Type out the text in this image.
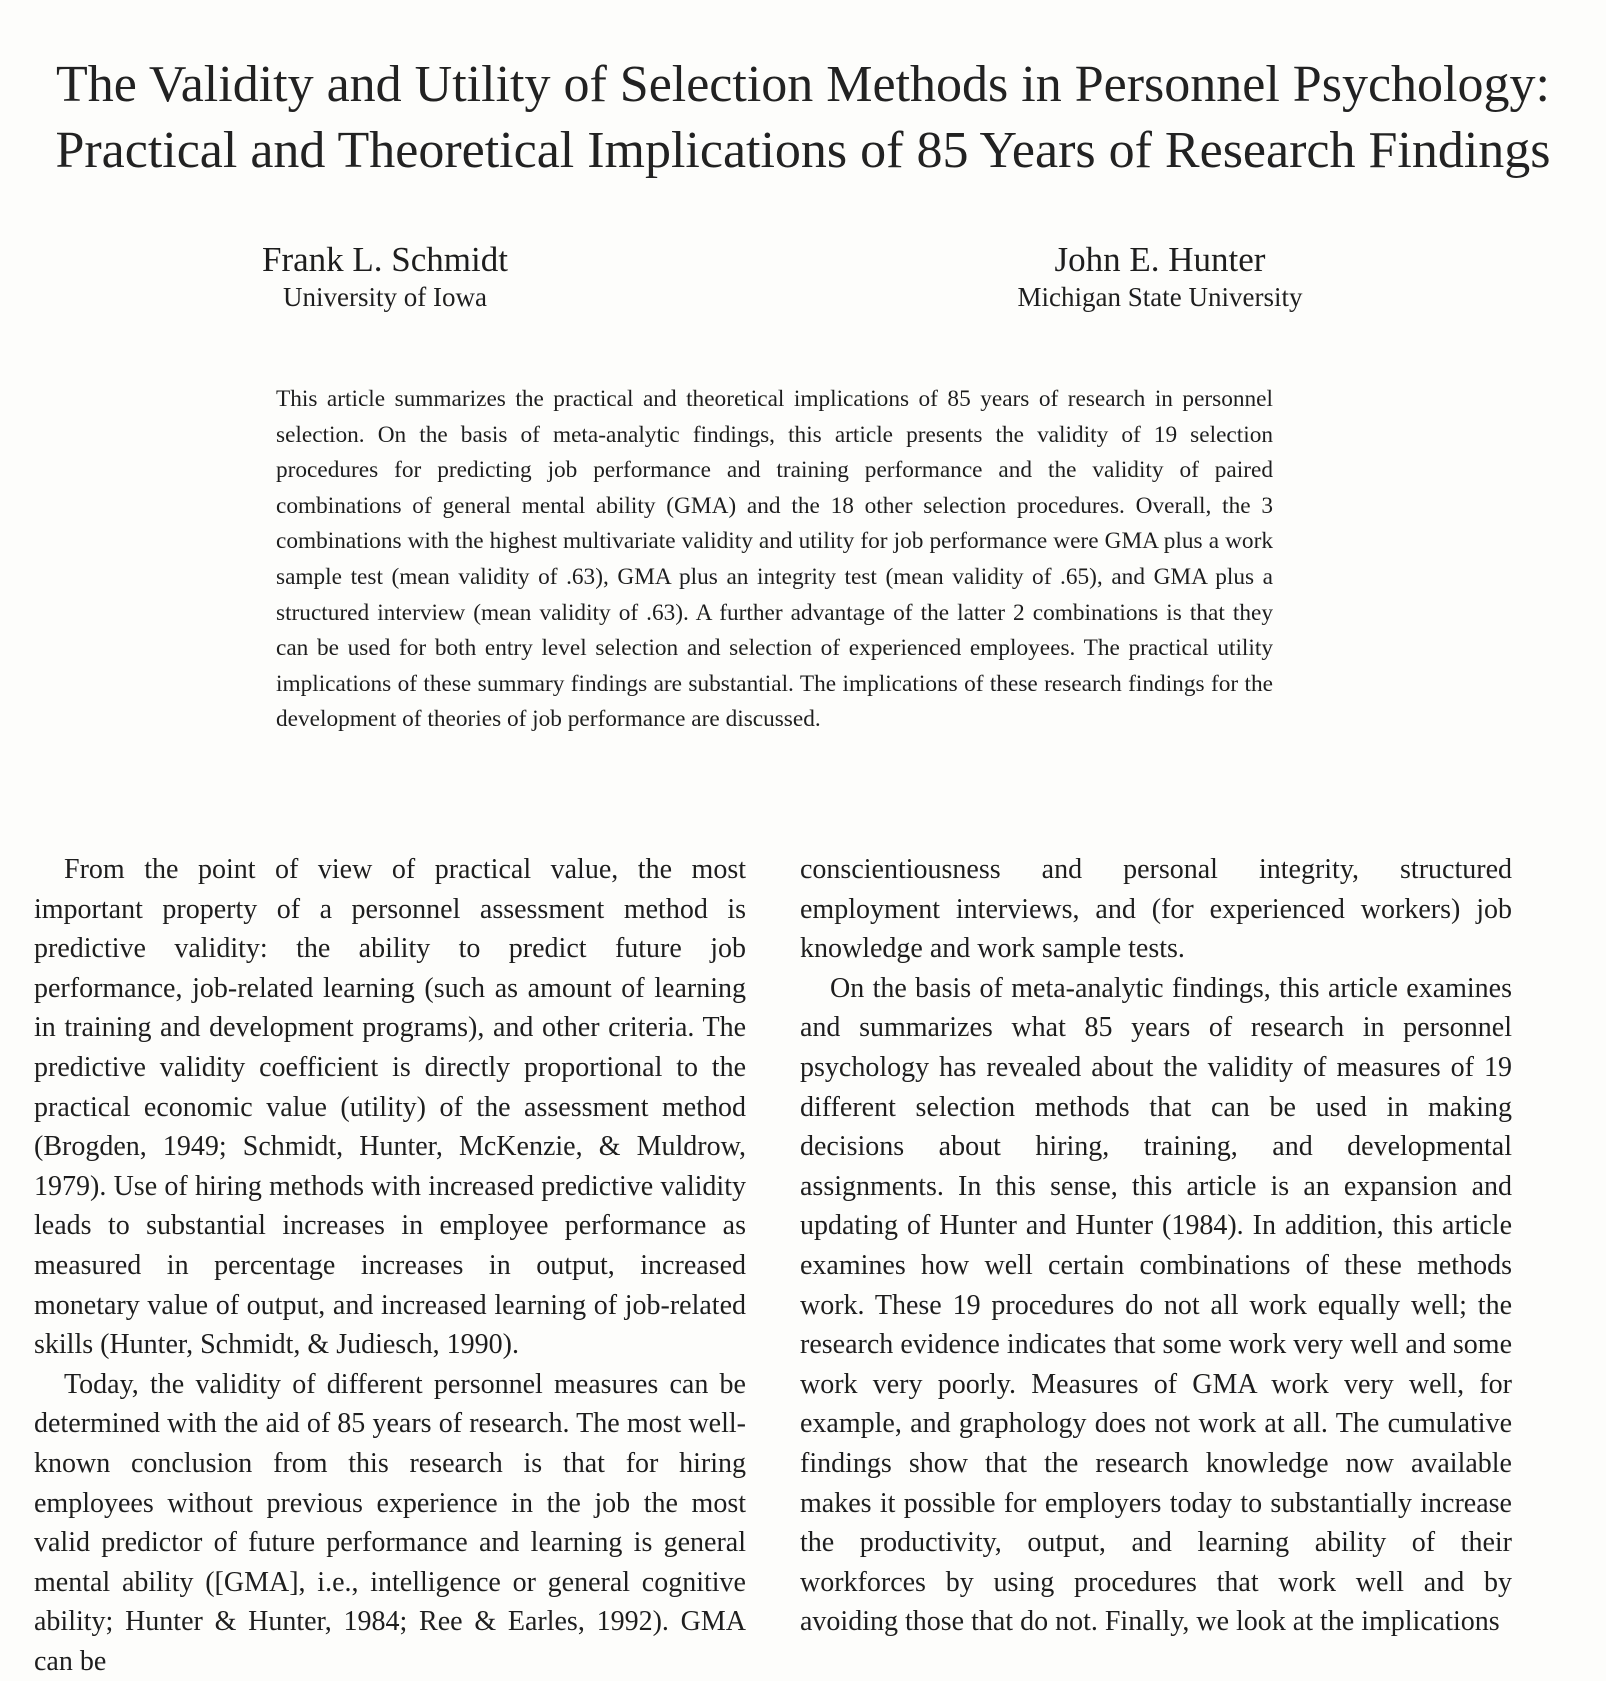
The Validity and Utility of Selection Methods in Personnel Psychology:
Practical and Theoretical Implications of 85 Years of Research Findings
Frank L. Schmidt
University of Iowa
John E. Hunter
Michigan State University

This article summarizes the practical and theoretical implications of 85 years of research in personnel selection. On the basis of meta-analytic findings, this article presents the validity of 19 selection procedures for predicting job performance and training performance and the validity of paired combinations of general mental ability (GMA) and the 18 other selection procedures. Overall, the 3 combinations with the highest multivariate validity and utility for job performance were GMA plus a work sample test (mean validity of .63), GMA plus an integrity test (mean validity of .65), and GMA plus a structured interview (mean validity of .63). A further advantage of the latter 2 combinations is that they can be used for both entry level selection and selection of experienced employees. The practical utility implications of these summary findings are substantial. The implications of these research findings for the development of theories of job performance are discussed.

From the point of view of practical value, the most important property of a personnel assessment method is predictive validity: the ability to predict future job performance, job-related learning (such as amount of learning in training and development programs), and other criteria. The predictive validity coefficient is directly proportional to the practical economic value (utility) of the assessment method (Brogden, 1949; Schmidt, Hunter, McKenzie, & Muldrow, 1979). Use of hiring methods with increased predictive validity leads to substantial increases in employee performance as measured in percentage increases in output, increased monetary value of output, and increased learning of job-related skills (Hunter, Schmidt, & Judiesch, 1990).

Today, the validity of different personnel measures can be determined with the aid of 85 years of research. The most well-known conclusion from this research is that for hiring employees without previous experience in the job the most valid predictor of future performance and learning is general mental ability ([GMA], i.e., intelligence or general cognitive ability; Hunter & Hunter, 1984; Ree & Earles, 1992). GMA can be

conscientiousness and personal integrity, structured employment interviews, and (for experienced workers) job knowledge and work sample tests.

On the basis of meta-analytic findings, this article examines and summarizes what 85 years of research in personnel psychology has revealed about the validity of measures of 19 different selection methods that can be used in making decisions about hiring, training, and developmental assignments. In this sense, this article is an expansion and updating of Hunter and Hunter (1984). In addition, this article examines how well certain combinations of these methods work. These 19 procedures do not all work equally well; the research evidence indicates that some work very well and some work very poorly. Measures of GMA work very well, for example, and graphology does not work at all. The cumulative findings show that the research knowledge now available makes it possible for employers today to substantially increase the productivity, output, and learning ability of their workforces by using procedures that work well and by avoiding those that do not. Finally, we look at the implications
